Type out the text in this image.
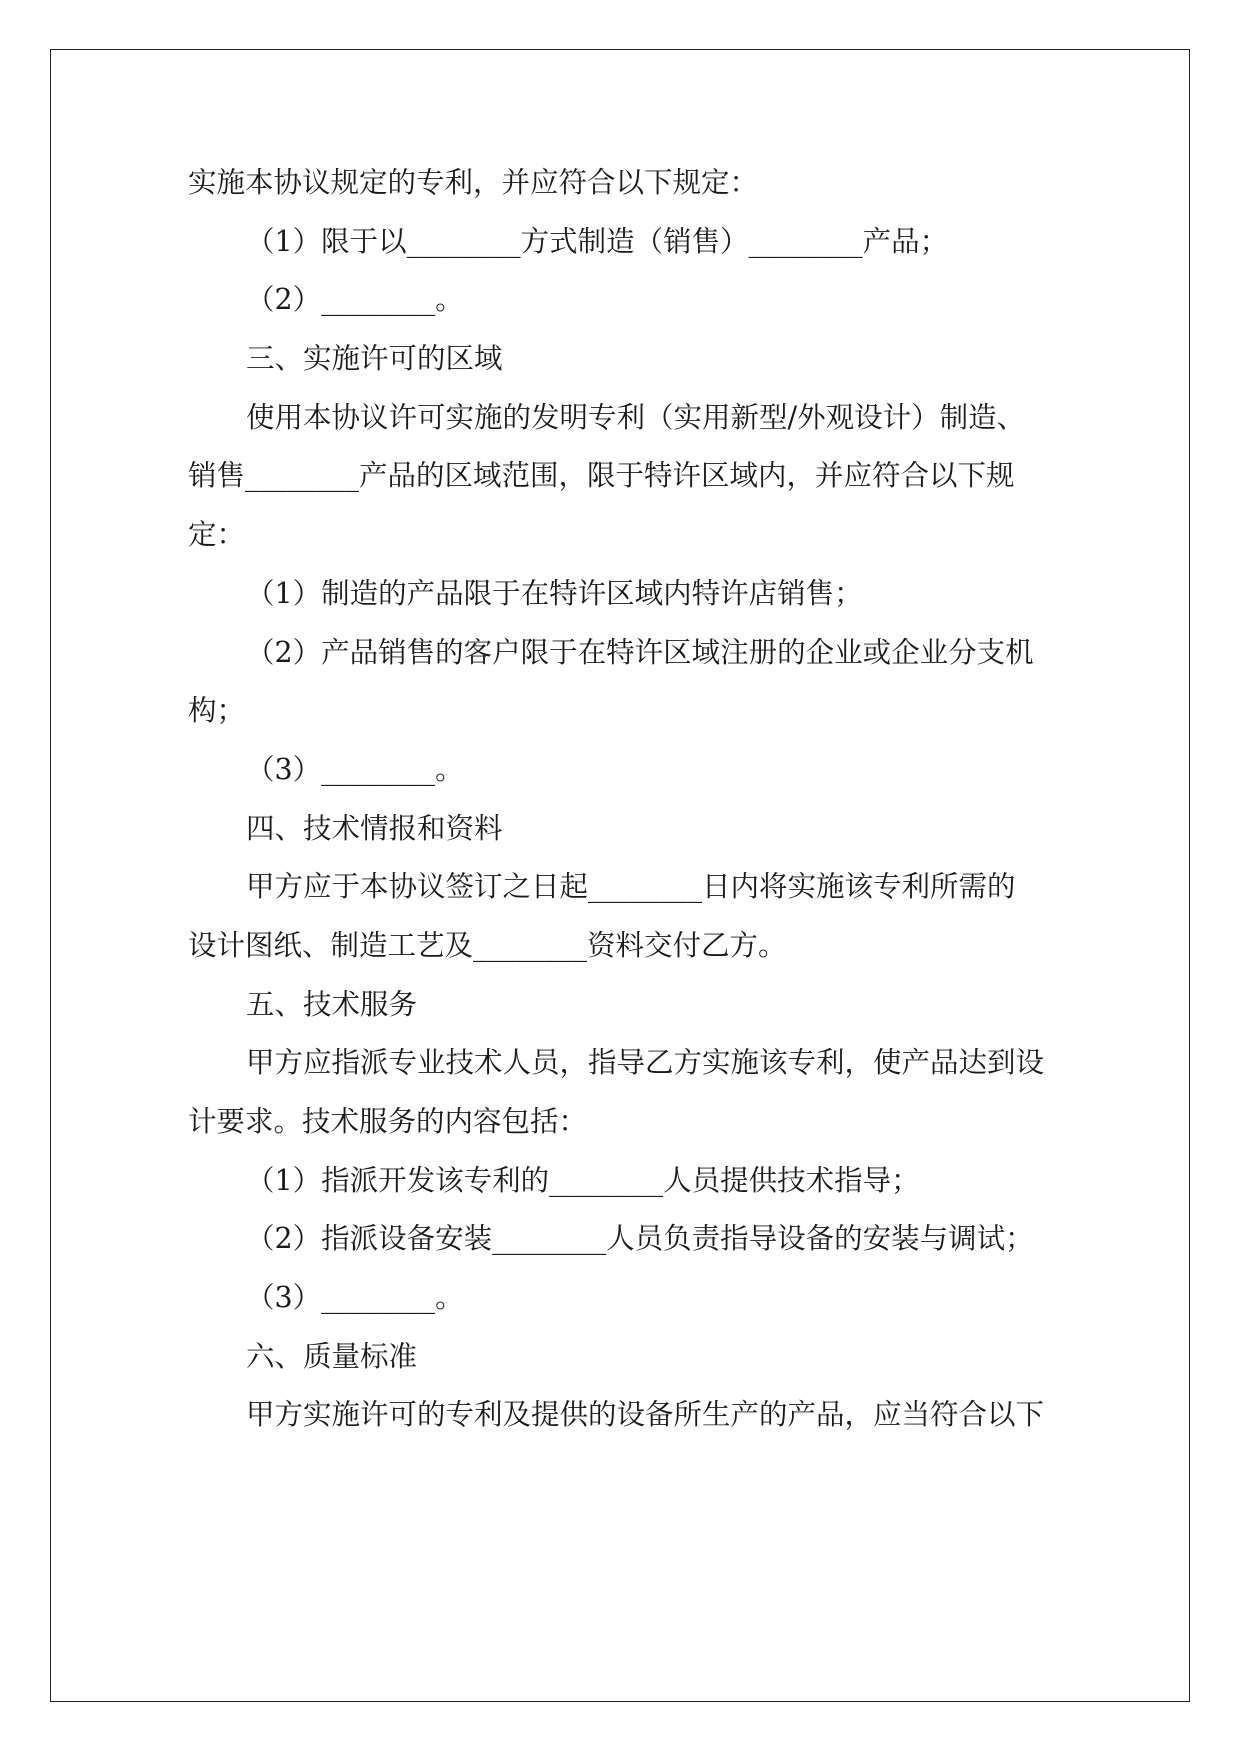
实施本协议规定的专利，并应符合以下规定：
（1）限于以________方式制造（销售）________产品；
（2）________。
三、实施许可的区域
使用本协议许可实施的发明专利（实用新型/外观设计）制造、
销售________产品的区域范围，限于特许区域内，并应符合以下规
定：
（1）制造的产品限于在特许区域内特许店销售；
（2）产品销售的客户限于在特许区域注册的企业或企业分支机
构；
（3）________。
四、技术情报和资料
甲方应于本协议签订之日起________日内将实施该专利所需的
设计图纸、制造工艺及________资料交付乙方。
五、技术服务
甲方应指派专业技术人员，指导乙方实施该专利，使产品达到设
计要求。技术服务的内容包括：
（1）指派开发该专利的________人员提供技术指导；
（2）指派设备安装________人员负责指导设备的安装与调试；
（3）________。
六、质量标准
甲方实施许可的专利及提供的设备所生产的产品，应当符合以下
